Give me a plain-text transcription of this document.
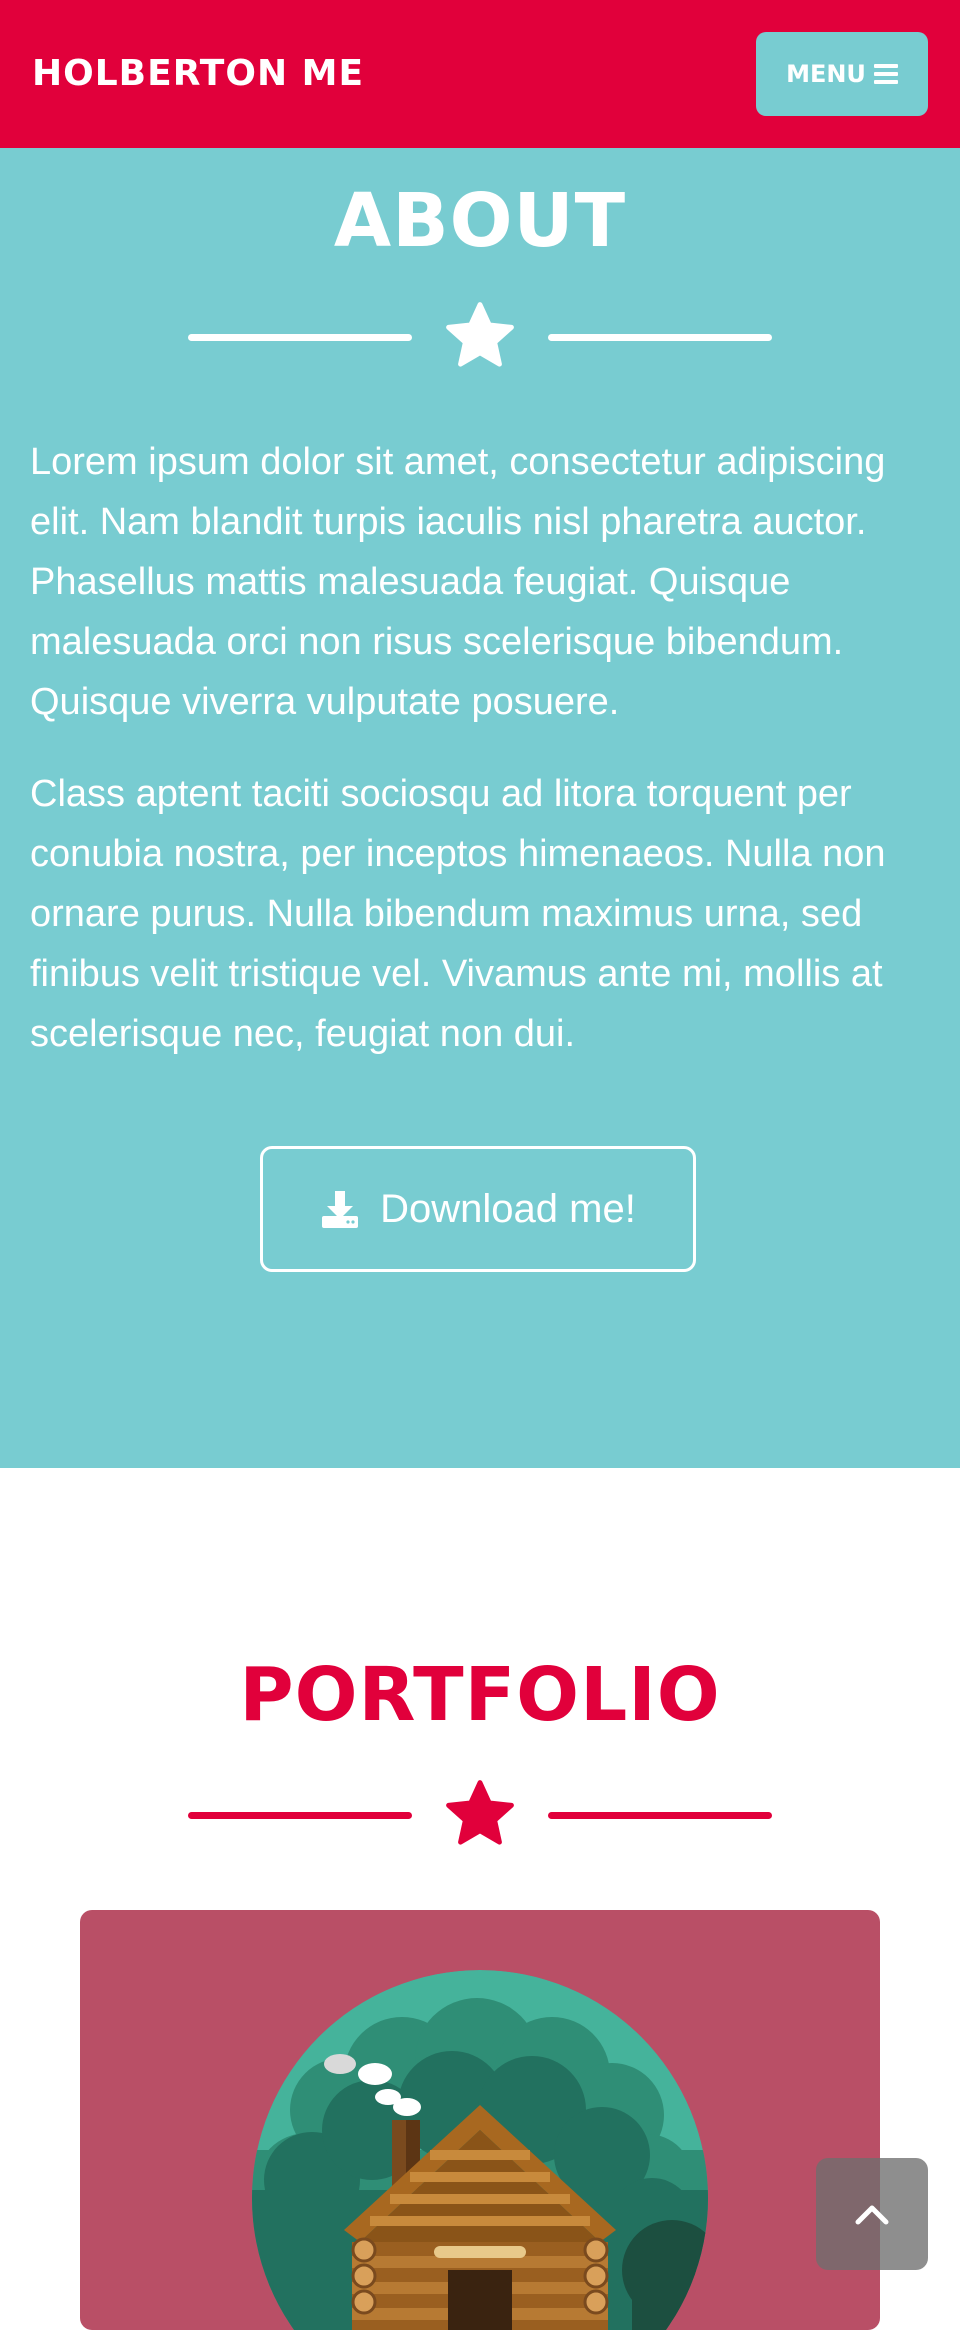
HOLBERTON ME	MENU
ABOUT

Lorem ipsum dolor sit amet, consectetur adipiscing elit. Nam blandit turpis iaculis nisl pharetra auctor. Phasellus mattis malesuada feugiat. Quisque malesuada orci non risus scelerisque bibendum. Quisque viverra vulputate posuere.

Class aptent taciti sociosqu ad litora torquent per conubia nostra, per inceptos himenaeos. Nulla non ornare purus. Nulla bibendum maximus urna, sed finibus velit tristique vel. Vivamus ante mi, mollis at scelerisque nec, feugiat non dui.

Download me!
PORTFOLIO
